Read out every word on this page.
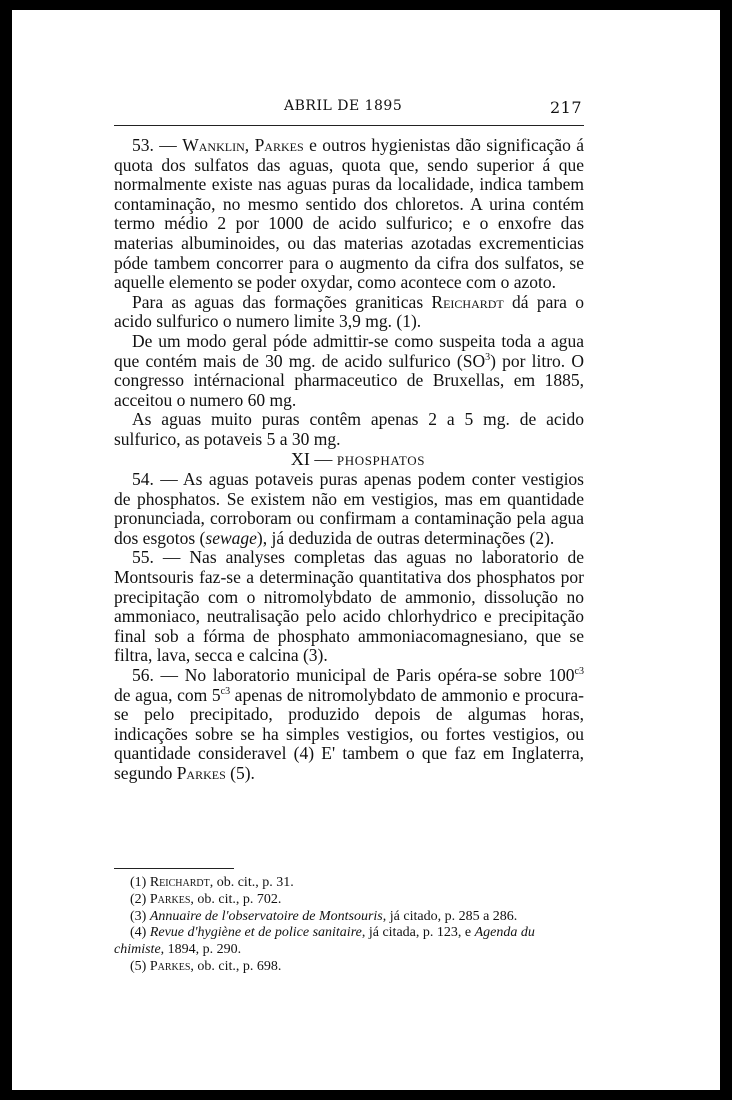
ABRIL DE 1895	217

53. — Wanklin, Parkes e outros hygienistas dão significação á quota dos sulfatos das aguas, quota que, sendo superior á que normalmente existe nas aguas puras da localidade, indica tambem contaminação, no mesmo sentido dos chloretos. A urina contém termo médio 2 por 1000 de acido sulfurico; e o enxofre das materias albuminoides, ou das materias azotadas excrementicias póde tambem concorrer para o augmento da cifra dos sulfatos, se aquelle elemento se poder oxydar, como acontece com o azoto.

Para as aguas das formações graniticas Reichardt dá para o acido sulfurico o numero limite 3,9 mg. (1).

De um modo geral póde admittir-se como suspeita toda a agua que contém mais de 30 mg. de acido sulfurico $(SO^3)$ por litro. O congresso intérnacional pharmaceutico de Bruxellas, em 1885, acceitou o numero 60 mg.

As aguas muito puras contêm apenas 2 a 5 mg. de acido sulfurico, as potaveis 5 a 30 mg.

XI — PHOSPHATOS

54. — As aguas potaveis puras apenas podem conter vestigios de phosphatos. Se existem não em vestigios, mas em quantidade pronunciada, corroboram ou confirmam a contaminação pela agua dos esgotos (sewage), já deduzida de outras determinações (2).

55. — Nas analyses completas das aguas no laboratorio de Montsouris faz-se a determinação quantitativa dos phosphatos por precipitação com o nitromolybdato de ammonio, dissolução no ammoniaco, neutralisação pelo acido chlorhydrico e precipitação final sob a fórma de phosphato ammoniacomagnesiano, que se filtra, lava, secca e calcina (3).

56. — No laboratorio municipal de Paris opéra-se sobre $100^{c3}$ de agua, com $5^{c3}$ apenas de nitromolybdato de ammonio e procura-se pelo precipitado, produzido depois de algumas horas, indicações sobre se ha simples vestigios, ou fortes vestigios, ou quantidade consideravel (4) E' tambem o que faz em Inglaterra, segundo Parkes (5).

(1) Reichardt, ob. cit., p. 31.

(2) Parkes, ob. cit., p. 702.

(3) Annuaire de l'observatoire de Montsouris, já citado, p. 285 a 286.

(4) Revue d'hygiène et de police sanitaire, já citada, p. 123, e Agenda du chimiste, 1894, p. 290.

(5) Parkes, ob. cit., p. 698.
